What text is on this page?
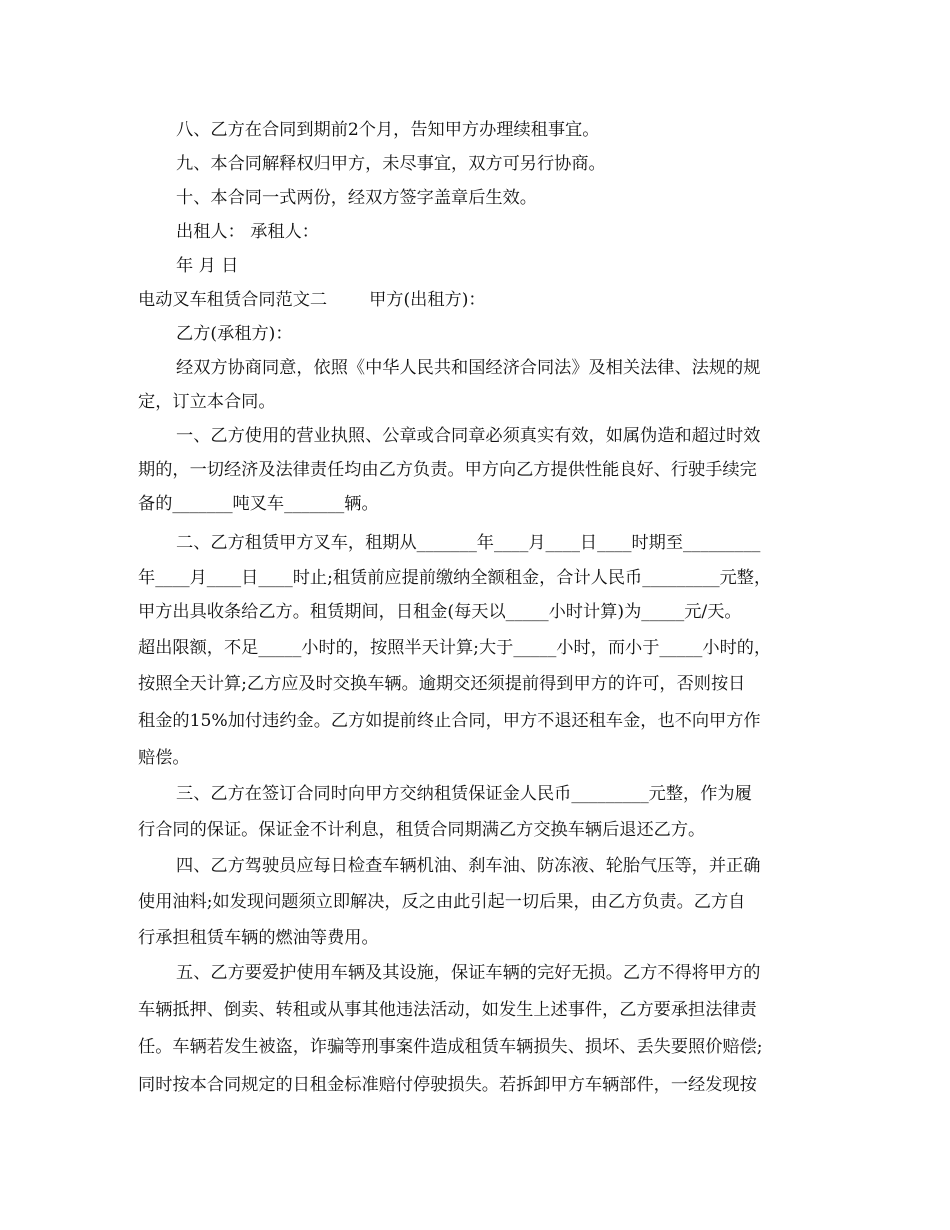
八、乙方在合同到期前2个月，告知甲方办理续租事宜。
九、本合同解释权归甲方，未尽事宜，双方可另行协商。
十、本合同一式两份，经双方签字盖章后生效。
出租人： 承租人：
年 月 日
电动叉车租赁合同范文二 甲方(出租方)：
乙方(承租方)：
经双方协商同意，依照《中华人民共和国经济合同法》及相关法律、法规的规
定，订立本合同。
一、乙方使用的营业执照、公章或合同章必须真实有效，如属伪造和超过时效
期的，一切经济及法律责任均由乙方负责。甲方向乙方提供性能良好、行驶手续完
备的_______吨叉车_______辆。
二、乙方租赁甲方叉车，租期从_______年____月____日____时期至_________
年____月____日____时止;租赁前应提前缴纳全额租金，合计人民币_________元整，
甲方出具收条给乙方。租赁期间，日租金(每天以_____小时计算)为_____元/天。
超出限额，不足_____小时的，按照半天计算;大于_____小时，而小于_____小时的，
按照全天计算;乙方应及时交换车辆。逾期交还须提前得到甲方的许可，否则按日
租金的15%加付违约金。乙方如提前终止合同，甲方不退还租车金，也不向甲方作
赔偿。
三、乙方在签订合同时向甲方交纳租赁保证金人民币_________元整，作为履
行合同的保证。保证金不计利息，租赁合同期满乙方交换车辆后退还乙方。
四、乙方驾驶员应每日检查车辆机油、刹车油、防冻液、轮胎气压等，并正确
使用油料;如发现问题须立即解决，反之由此引起一切后果，由乙方负责。乙方自
行承担租赁车辆的燃油等费用。
五、乙方要爱护使用车辆及其设施，保证车辆的完好无损。乙方不得将甲方的
车辆抵押、倒卖、转租或从事其他违法活动，如发生上述事件，乙方要承担法律责
任。车辆若发生被盗，诈骗等刑事案件造成租赁车辆损失、损坏、丢失要照价赔偿;
同时按本合同规定的日租金标准赔付停驶损失。若拆卸甲方车辆部件，一经发现按
